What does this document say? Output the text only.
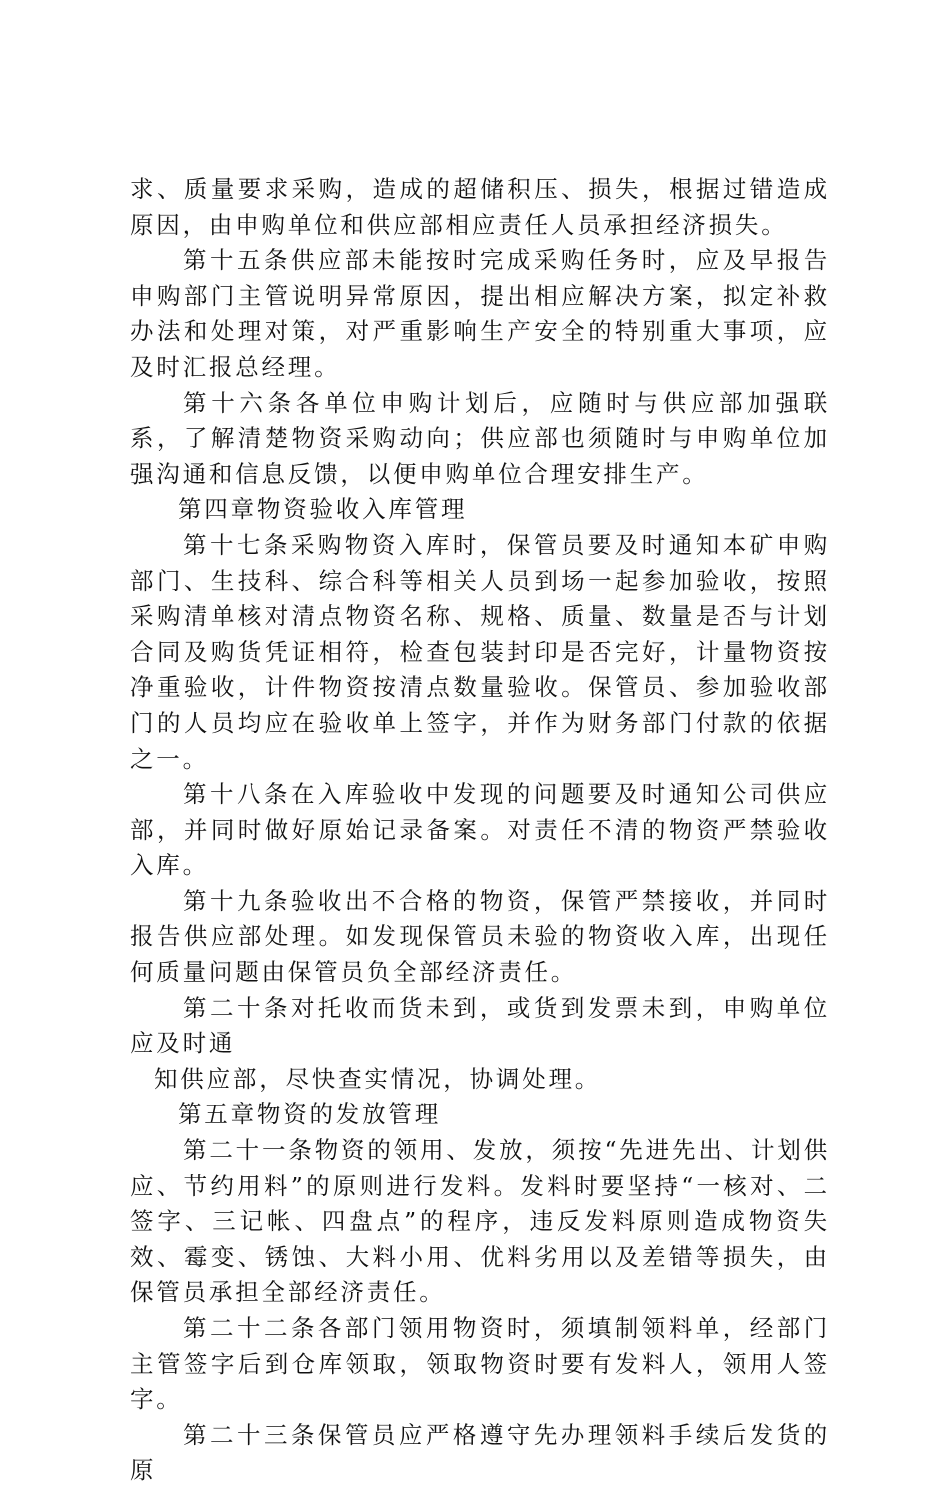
求、质量要求采购，造成的超储积压、损失，根据过错造成原因，由申购单位和供应部相应责任人员承担经济损失。

第十五条供应部未能按时完成采购任务时，应及早报告申购部门主管说明异常原因，提出相应解决方案，拟定补救办法和处理对策，对严重影响生产安全的特别重大事项，应及时汇报总经理。

第十六条各单位申购计划后，应随时与供应部加强联系，了解清楚物资采购动向；供应部也须随时与申购单位加强沟通和信息反馈，以便申购单位合理安排生产。

第四章物资验收入库管理

第十七条采购物资入库时，保管员要及时通知本矿申购部门、生技科、综合科等相关人员到场一起参加验收，按照采购清单核对清点物资名称、规格、质量、数量是否与计划合同及购货凭证相符，检查包装封印是否完好，计量物资按净重验收，计件物资按清点数量验收。保管员、参加验收部门的人员均应在验收单上签字，并作为财务部门付款的依据之一。

第十八条在入库验收中发现的问题要及时通知公司供应部，并同时做好原始记录备案。对责任不清的物资严禁验收入库。

第十九条验收出不合格的物资，保管严禁接收，并同时报告供应部处理。如发现保管员未验的物资收入库，出现任何质量问题由保管员负全部经济责任。

第二十条对托收而货未到，或货到发票未到，申购单位应及时通

知供应部，尽快查实情况，协调处理。

第五章物资的发放管理

第二十一条物资的领用、发放，须按“先进先出、计划供应、节约用料”的原则进行发料。发料时要坚持“一核对、二签字、三记帐、四盘点”的程序，违反发料原则造成物资失效、霉变、锈蚀、大料小用、优料劣用以及差错等损失，由保管员承担全部经济责任。

第二十二条各部门领用物资时，须填制领料单，经部门主管签字后到仓库领取，领取物资时要有发料人，领用人签字。

第二十三条保管员应严格遵守先办理领料手续后发货的原
